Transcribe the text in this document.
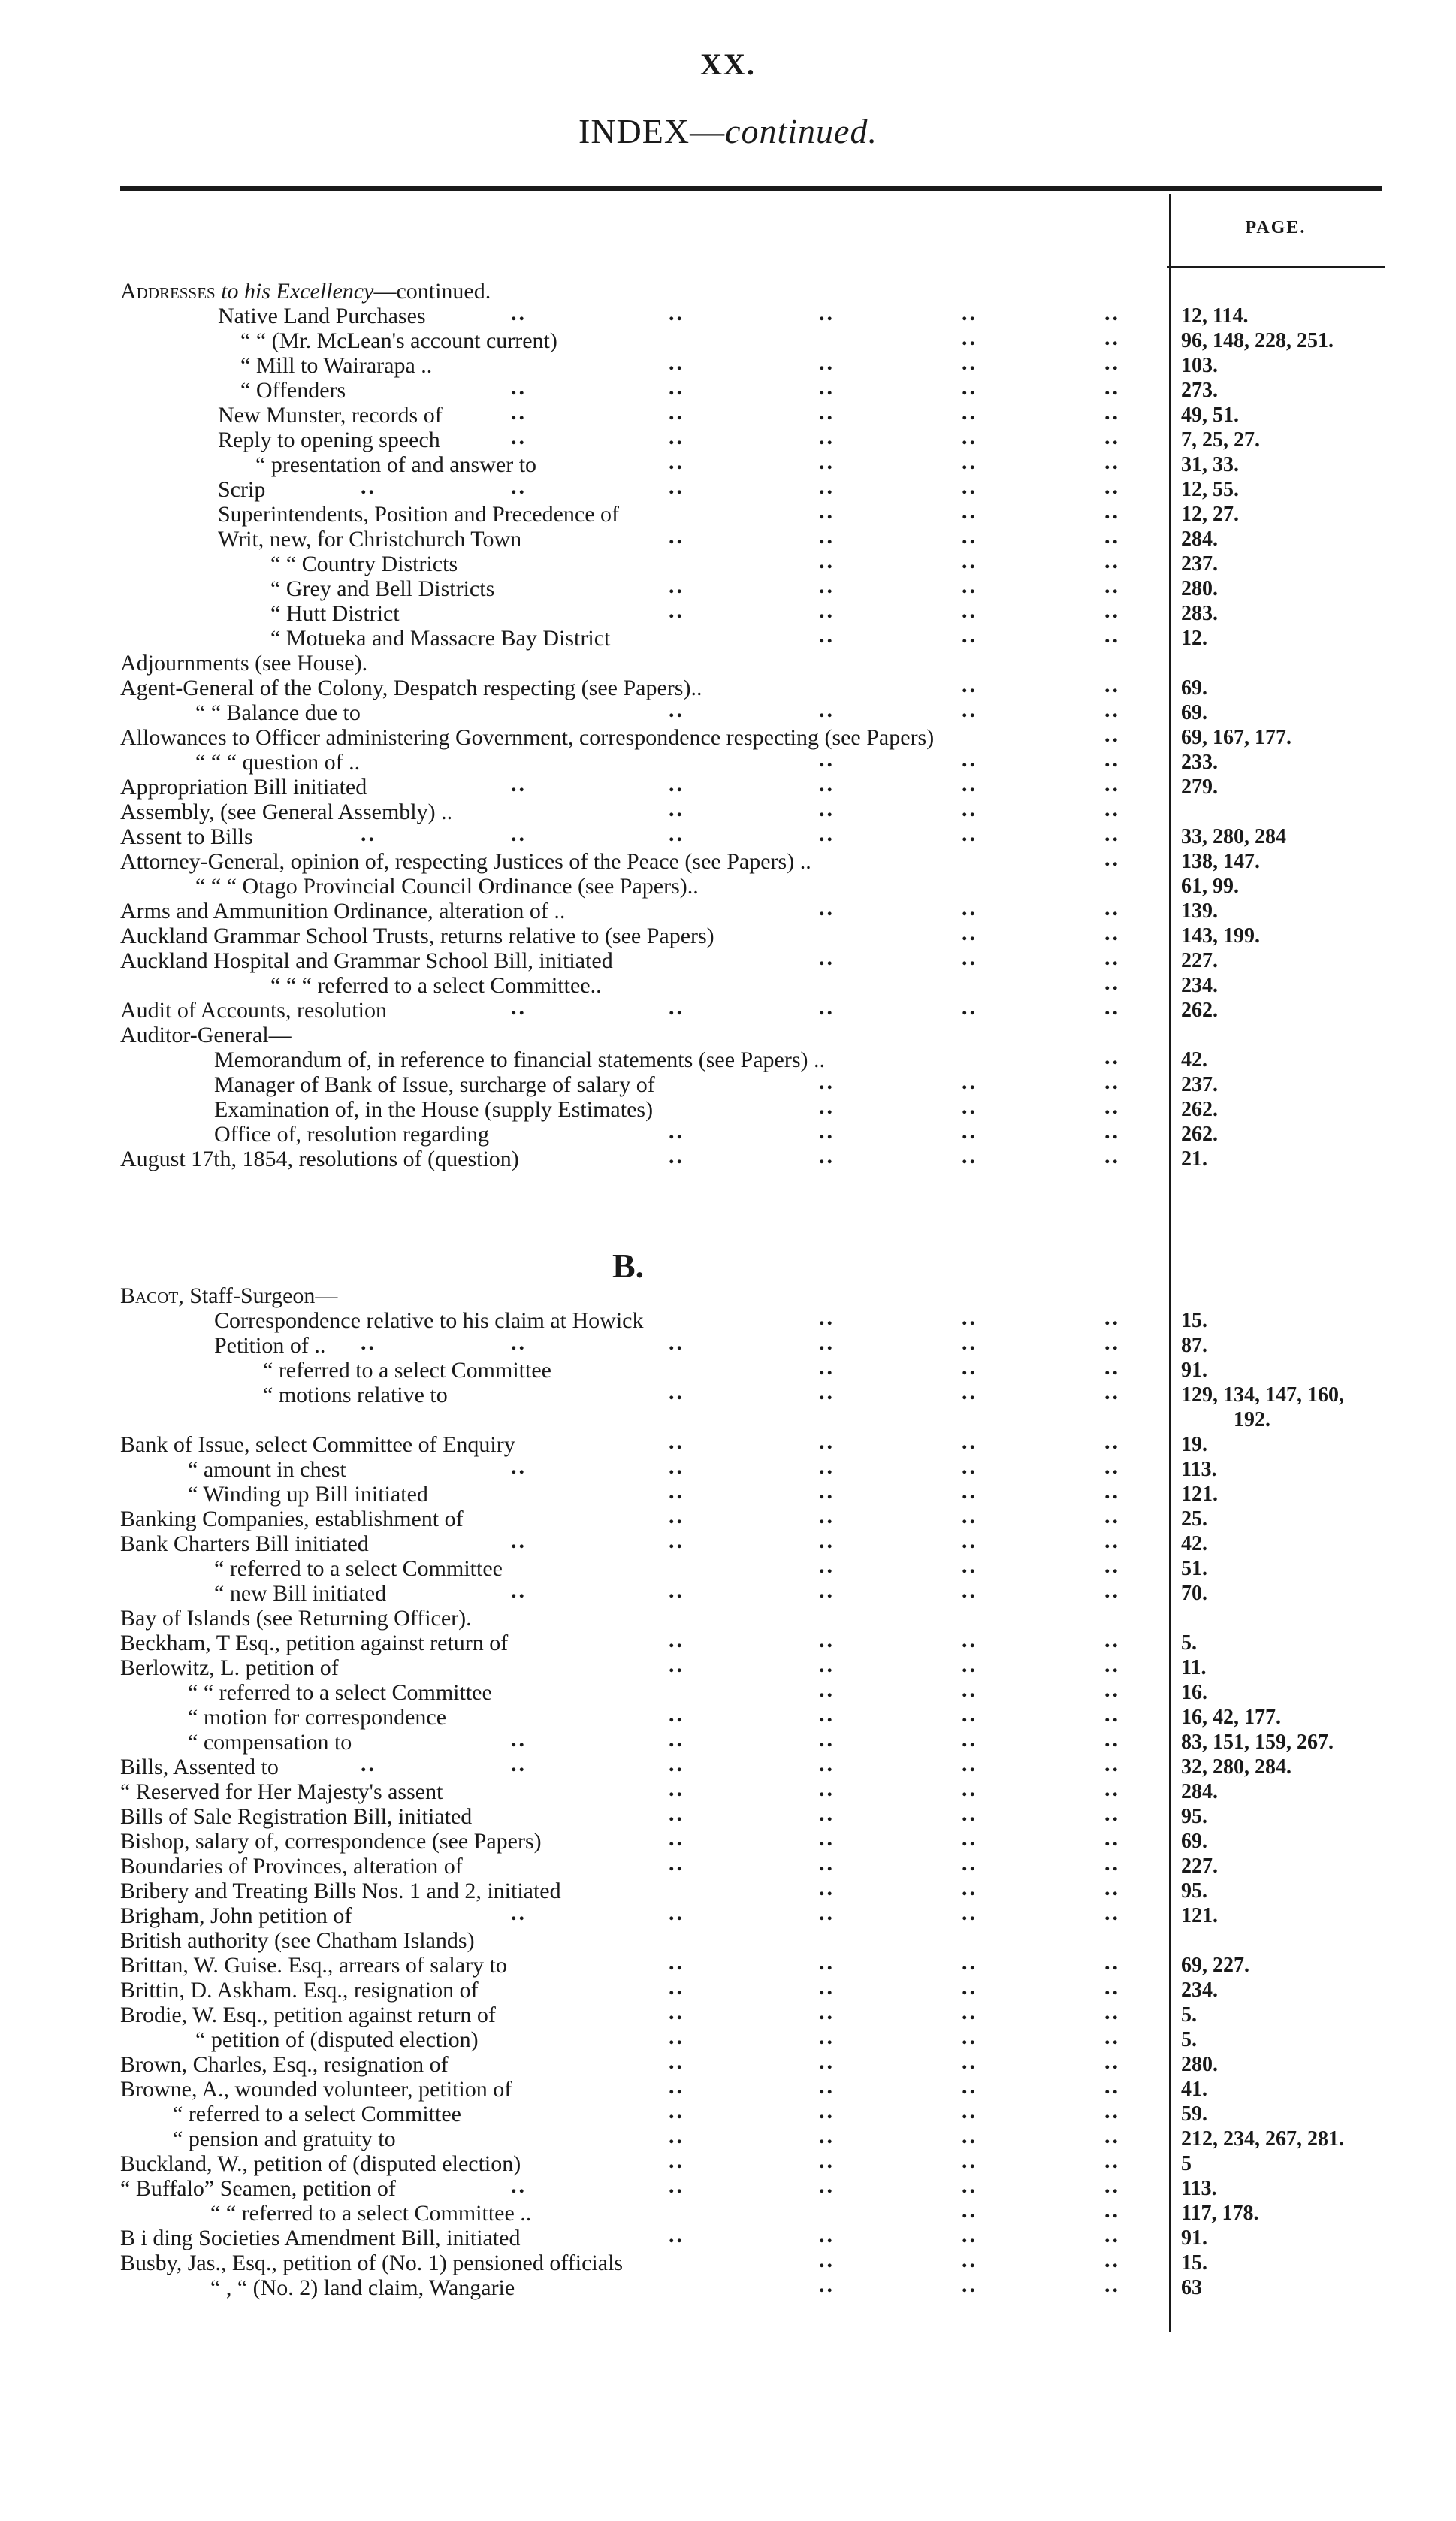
XX.
INDEX—continued.
PAGE.
Addresses to his Excellency—continued.
..	..	..	..	..
Native Land Purchases	12, 114.
..	..
“ “ (Mr. McLean's account current)	96, 148, 228, 251.
..	..	..	..
“ Mill to Wairarapa ..	103.
..	..	..	..	..
“ Offenders	273.
..	..	..	..	..
New Munster, records of	49, 51.
..	..	..	..	..
Reply to opening speech	7, 25, 27.
..	..	..	..
“ presentation of and answer to	31, 33.
..	..	..	..	..	..
Scrip	12, 55.
..	..	..
Superintendents, Position and Precedence of	12, 27.
..	..	..	..
Writ, new, for Christchurch Town	284.
..	..	..
“ “ Country Districts	237.
..	..	..	..
“ Grey and Bell Districts	280.
..	..	..	..
“ Hutt District	283.
..	..	..
“ Motueka and Massacre Bay District	12.
Adjournments (see House).
..	..
Agent-General of the Colony, Despatch respecting (see Papers)..	69.
..	..	..	..
“ “ Balance due to	69.
..
Allowances to Officer administering Government, correspondence respecting (see Papers)	69, 167, 177.
..	..	..
“ “ “ question of ..	233.
..	..	..	..	..
Appropriation Bill initiated	279.
..	..	..	..
Assembly, (see General Assembly) ..
..	..	..	..	..	..
Assent to Bills	33, 280, 284
..
Attorney-General, opinion of, respecting Justices of the Peace (see Papers) ..	138, 147.
“ “ “ Otago Provincial Council Ordinance (see Papers)..	61, 99.
..	..	..
Arms and Ammunition Ordinance, alteration of ..	139.
..	..
Auckland Grammar School Trusts, returns relative to (see Papers)	143, 199.
..	..	..
Auckland Hospital and Grammar School Bill, initiated	227.
..
“ “ “ referred to a select Committee..	234.
..	..	..	..	..
Audit of Accounts, resolution	262.
Auditor-General—
..
Memorandum of, in reference to financial statements (see Papers) ..	42.
..	..	..
Manager of Bank of Issue, surcharge of salary of	237.
..	..	..
Examination of, in the House (supply Estimates)	262.
..	..	..	..
Office of, resolution regarding	262.
..	..	..	..
August 17th, 1854, resolutions of (question)	21.
B.
Bacot, Staff-Surgeon—
..	..	..
Correspondence relative to his claim at Howick	15.
..	..	..	..	..	..
Petition of ..	87.
..	..	..
“ referred to a select Committee	91.
..	..	..	..
“ motions relative to	129, 134, 147, 160,
192.
..	..	..	..
Bank of Issue, select Committee of Enquiry	19.
..	..	..	..	..
“ amount in chest	113.
..	..	..	..
“ Winding up Bill initiated	121.
..	..	..	..
Banking Companies, establishment of	25.
..	..	..	..	..
Bank Charters Bill initiated	42.
..	..	..
“ referred to a select Committee	51.
..	..	..	..	..
“ new Bill initiated	70.
Bay of Islands (see Returning Officer).
..	..	..	..
Beckham, T Esq., petition against return of	5.
..	..	..	..
Berlowitz, L. petition of	11.
..	..	..
“ “ referred to a select Committee	16.
..	..	..	..
“ motion for correspondence	16, 42, 177.
..	..	..	..	..
“ compensation to	83, 151, 159, 267.
..	..	..	..	..	..
Bills, Assented to	32, 280, 284.
..	..	..	..
“ Reserved for Her Majesty's assent	284.
..	..	..	..
Bills of Sale Registration Bill, initiated	95.
..	..	..	..
Bishop, salary of, correspondence (see Papers)	69.
..	..	..	..
Boundaries of Provinces, alteration of	227.
..	..	..
Bribery and Treating Bills Nos. 1 and 2, initiated	95.
..	..	..	..	..
Brigham, John petition of	121.
British authority (see Chatham Islands)
..	..	..	..
Brittan, W. Guise. Esq., arrears of salary to	69, 227.
..	..	..	..
Brittin, D. Askham. Esq., resignation of	234.
..	..	..	..
Brodie, W. Esq., petition against return of	5.
..	..	..	..
“ petition of (disputed election)	5.
..	..	..	..
Brown, Charles, Esq., resignation of	280.
..	..	..	..
Browne, A., wounded volunteer, petition of	41.
..	..	..	..
“ referred to a select Committee	59.
..	..	..	..
“ pension and gratuity to	212, 234, 267, 281.
..	..	..	..
Buckland, W., petition of (disputed election)	5
..	..	..	..	..
“ Buffalo” Seamen, petition of	113.
..	..
“ “ referred to a select Committee ..	117, 178.
..	..	..	..
B i ding Societies Amendment Bill, initiated	91.
..	..	..
Busby, Jas., Esq., petition of (No. 1) pensioned officials	15.
..	..	..
“ , “ (No. 2) land claim, Wangarie	63
